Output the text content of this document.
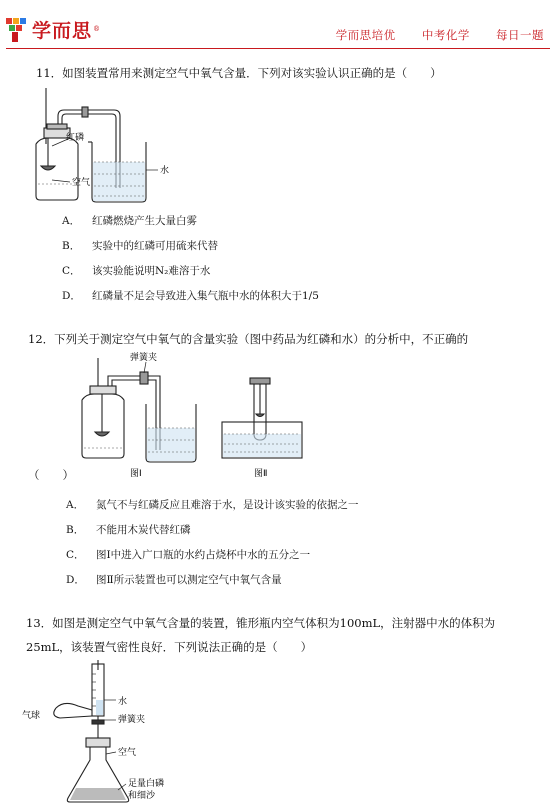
学而思 ®	学而思培优 中考化学 每日一题
11．如图装置常用来测定空气中氧气含量．下列对该实验认识正确的是（　　）
红磷
空气
水
A． 红磷燃烧产生大量白雾
B． 实验中的红磷可用硫来代替
C． 该实验能说明N₂难溶于水
D． 红磷量不足会导致进入集气瓶中水的体积大于1/5
12．下列关于测定空气中氧气的含量实验（图中药品为红磷和水）的分析中，不正确的
弹簧夹
图Ⅰ	图Ⅱ
（　　）
A． 氮气不与红磷反应且难溶于水，是设计该实验的依据之一
B． 不能用木炭代替红磷
C． 图Ⅰ中进入广口瓶的水约占烧杯中水的五分之一
D． 图Ⅱ所示装置也可以测定空气中氧气含量
13．如图是测定空气中氧气含量的装置，锥形瓶内空气体积为100mL，注射器中水的体积为
25mL，该装置气密性良好．下列说法正确的是（　　）
气球
水
弹簧夹
空气
足量白磷
和细沙
